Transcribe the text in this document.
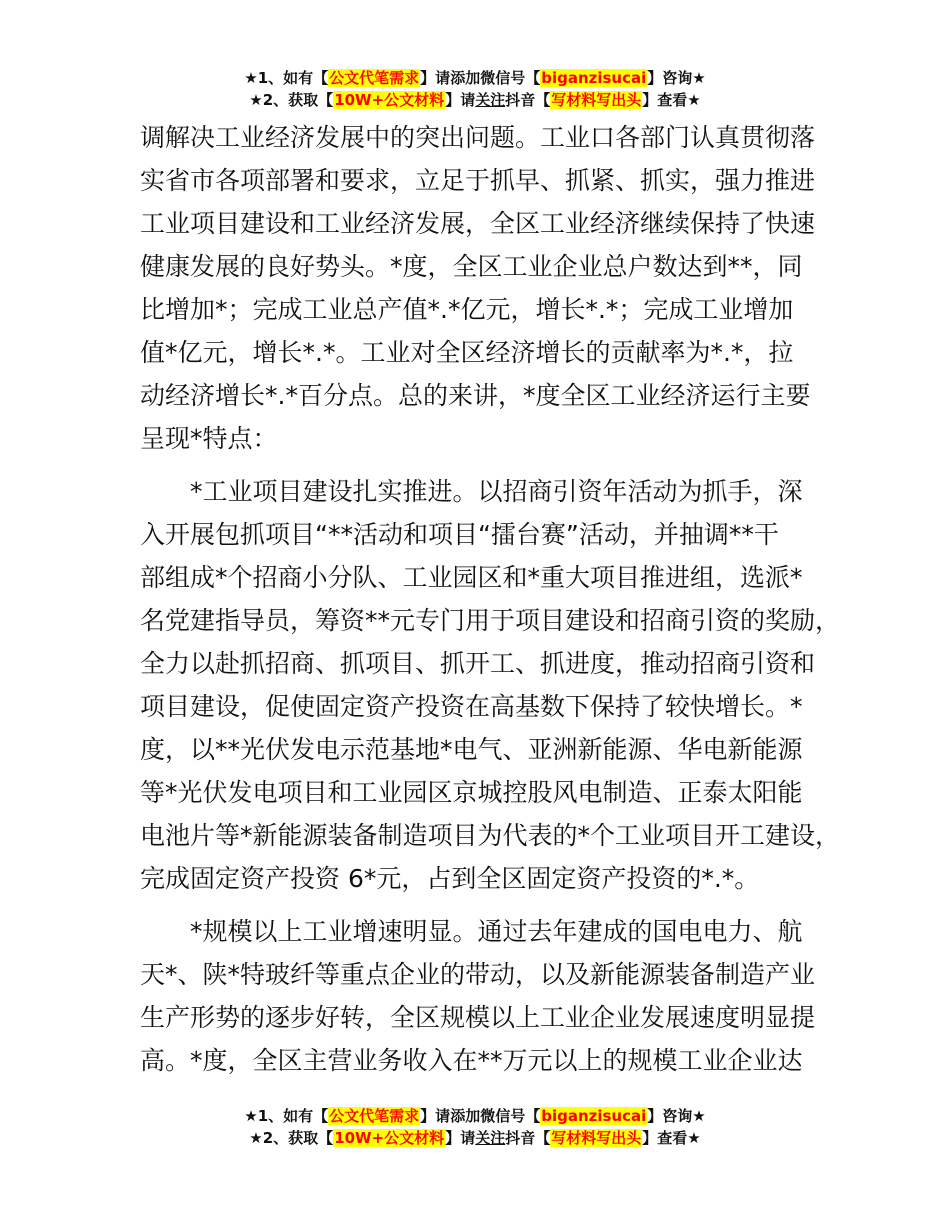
★1、如有【公文代笔需求】请添加微信号【biganzisucai】咨询★
★2、获取【10W+公文材料】请关注抖音【写材料写出头】查看★

调解决工业经济发展中的突出问题。工业口各部门认真贯彻落
实省市各项部署和要求，立足于抓早、抓紧、抓实，强力推进
工业项目建设和工业经济发展，全区工业经济继续保持了快速
健康发展的良好势头。*度，全区工业企业总户数达到**，同
比增加*；完成工业总产值*.*亿元，增长*.*；完成工业增加
值*亿元，增长*.*。工业对全区经济增长的贡献率为*.*，拉
动经济增长*.*百分点。总的来讲，*度全区工业经济运行主要
呈现*特点：

*工业项目建设扎实推进。以招商引资年活动为抓手，深
入开展包抓项目“**活动和项目“擂台赛”活动，并抽调**干
部组成*个招商小分队、工业园区和*重大项目推进组，选派*
名党建指导员，筹资**元专门用于项目建设和招商引资的奖励，
全力以赴抓招商、抓项目、抓开工、抓进度，推动招商引资和
项目建设，促使固定资产投资在高基数下保持了较快增长。*
度，以**光伏发电示范基地*电气、亚洲新能源、华电新能源
等*光伏发电项目和工业园区京城控股风电制造、正泰太阳能
电池片等*新能源装备制造项目为代表的*个工业项目开工建设，
完成固定资产投资 6*元，占到全区固定资产投资的*.*。

*规模以上工业增速明显。通过去年建成的国电电力、航
天*、陕*特玻纤等重点企业的带动，以及新能源装备制造产业
生产形势的逐步好转，全区规模以上工业企业发展速度明显提
高。*度，全区主营业务收入在**万元以上的规模工业企业达

★1、如有【公文代笔需求】请添加微信号【biganzisucai】咨询★
★2、获取【10W+公文材料】请关注抖音【写材料写出头】查看★
